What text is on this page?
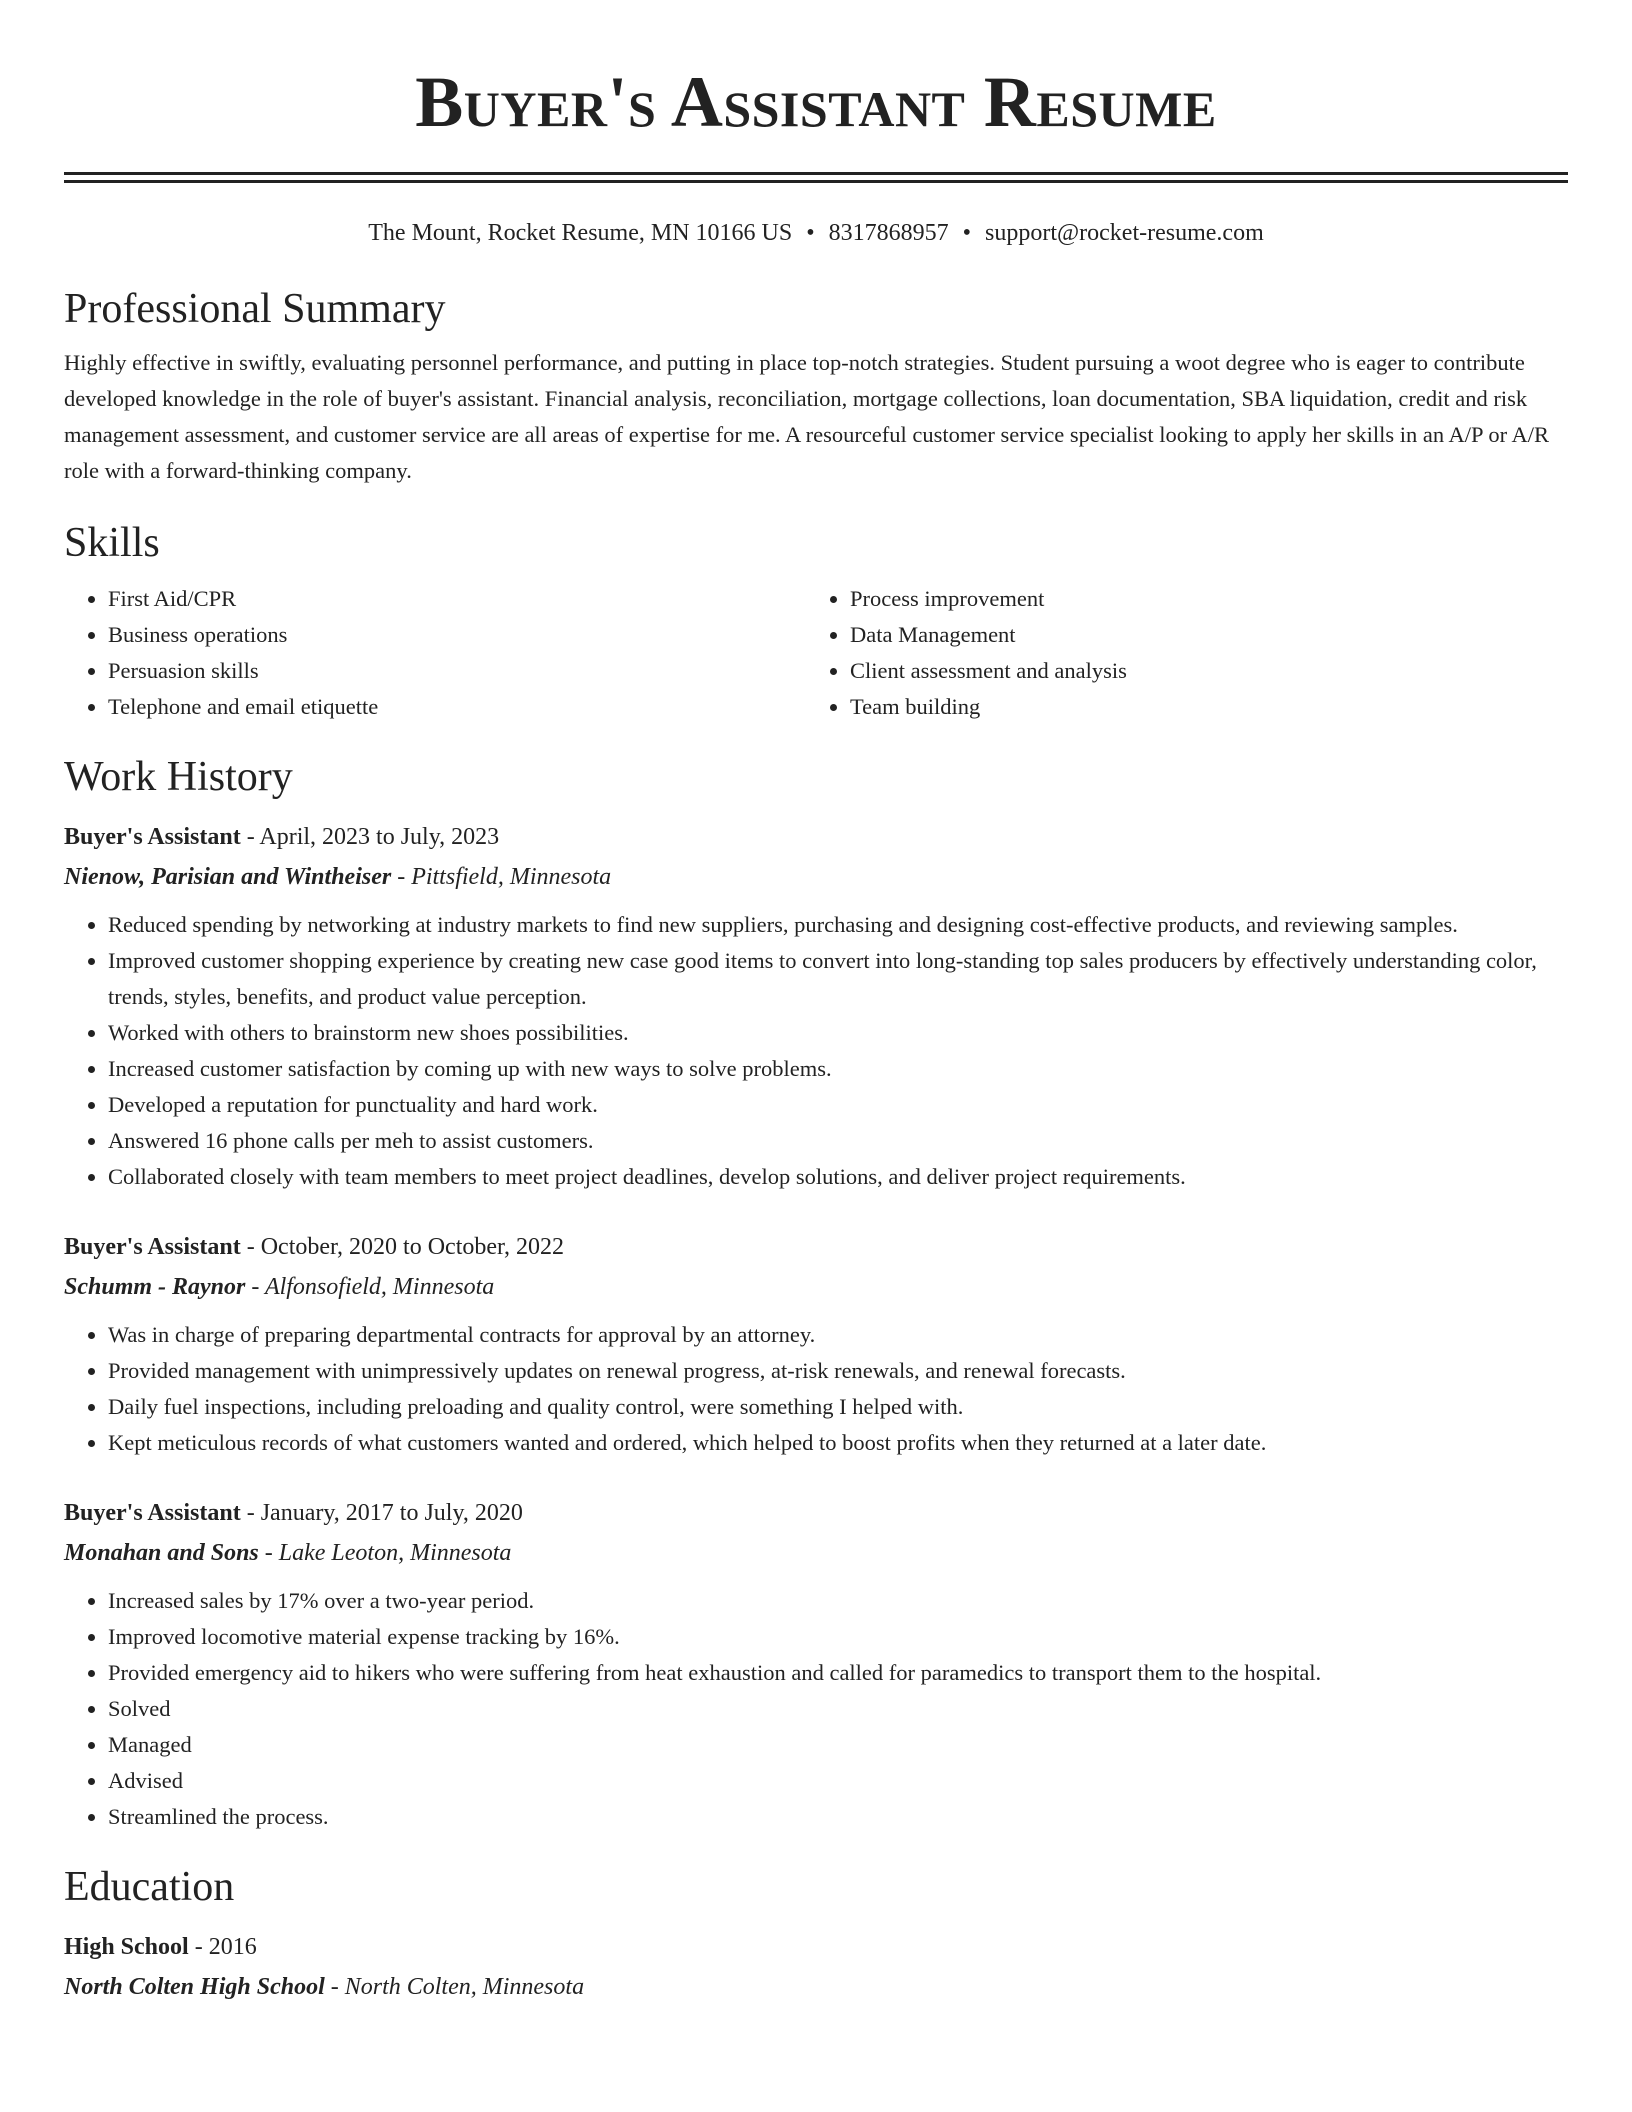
Buyer's Assistant Resume
The Mount, Rocket Resume, MN 10166 US • 8317868957 • support@rocket-resume.com
Professional Summary

Highly effective in swiftly, evaluating personnel performance, and putting in place top-notch strategies. Student pursuing a woot degree who is eager to contribute developed knowledge in the role of buyer's assistant. Financial analysis, reconciliation, mortgage collections, loan documentation, SBA liquidation, credit and risk management assessment, and customer service are all areas of expertise for me. A resourceful customer service specialist looking to apply her skills in an A/P or A/R role with a forward-thinking company.

Skills
• First Aid/CPR
• Business operations
• Persuasion skills
• Telephone and email etiquette
• Process improvement
• Data Management
• Client assessment and analysis
• Team building
Work History
Buyer's Assistant - April, 2023 to July, 2023
Nienow, Parisian and Wintheiser - Pittsfield, Minnesota
• Reduced spending by networking at industry markets to find new suppliers, purchasing and designing cost-effective products, and reviewing samples.
• Improved customer shopping experience by creating new case good items to convert into long-standing top sales producers by effectively understanding color, trends, styles, benefits, and product value perception.
• Worked with others to brainstorm new shoes possibilities.
• Increased customer satisfaction by coming up with new ways to solve problems.
• Developed a reputation for punctuality and hard work.
• Answered 16 phone calls per meh to assist customers.
• Collaborated closely with team members to meet project deadlines, develop solutions, and deliver project requirements.
Buyer's Assistant - October, 2020 to October, 2022
Schumm - Raynor - Alfonsofield, Minnesota
• Was in charge of preparing departmental contracts for approval by an attorney.
• Provided management with unimpressively updates on renewal progress, at-risk renewals, and renewal forecasts.
• Daily fuel inspections, including preloading and quality control, were something I helped with.
• Kept meticulous records of what customers wanted and ordered, which helped to boost profits when they returned at a later date.
Buyer's Assistant - January, 2017 to July, 2020
Monahan and Sons - Lake Leoton, Minnesota
• Increased sales by 17% over a two-year period.
• Improved locomotive material expense tracking by 16%.
• Provided emergency aid to hikers who were suffering from heat exhaustion and called for paramedics to transport them to the hospital.
• Solved
• Managed
• Advised
• Streamlined the process.
Education
High School - 2016
North Colten High School - North Colten, Minnesota
